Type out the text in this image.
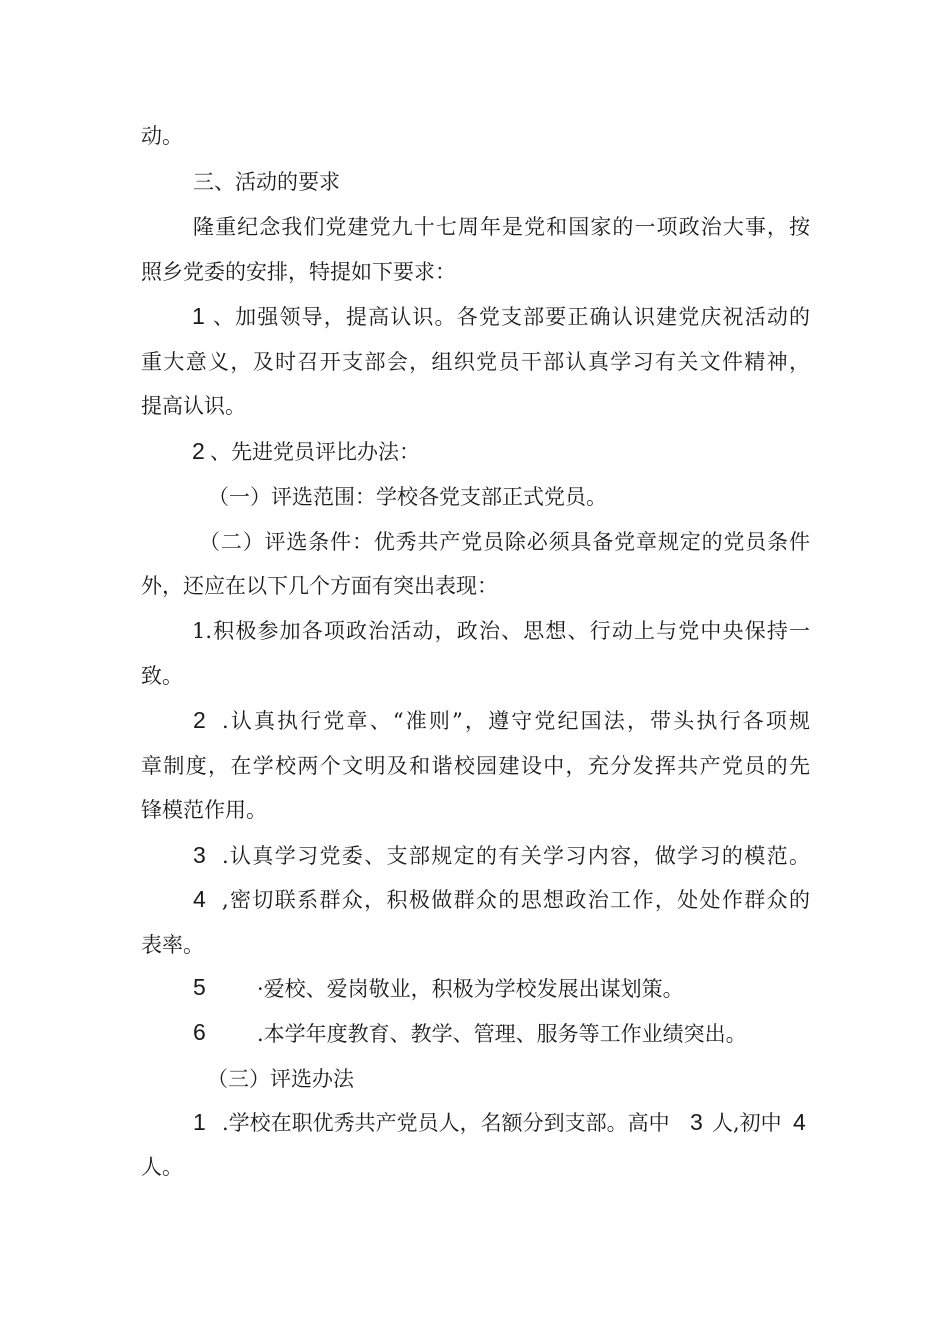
动。
三、活动的要求
隆重纪念我们党建党九十七周年是党和国家的一项政治大事，按
照乡党委的安排，特提如下要求：
1 、加强领导，提高认识。各党支部要正确认识建党庆祝活动的
重大意义，及时召开支部会，组织党员干部认真学习有关文件精神，
提高认识。
2 、先进党员评比办法：
（一）评选范围：学校各党支部正式党员。
（二）评选条件：优秀共产党员除必须具备党章规定的党员条件
外，还应在以下几个方面有突出表现：
1.积极参加各项政治活动，政治、思想、行动上与党中央保持一
致。
2 .认真执行党章、“准则”，遵守党纪国法，带头执行各项规
章制度，在学校两个文明及和谐校园建设中，充分发挥共产党员的先
锋模范作用。
3 .认真学习党委、支部规定的有关学习内容，做学习的模范。
4 ,密切联系群众，积极做群众的思想政治工作，处处作群众的
表率。
5 ·爱校、爱岗敬业，积极为学校发展出谋划策。
6 .本学年度教育、教学、管理、服务等工作业绩突出。
（三）评选办法
1 .学校在职优秀共产党员人，名额分到支部。高中 3 人,初中 4
人。
